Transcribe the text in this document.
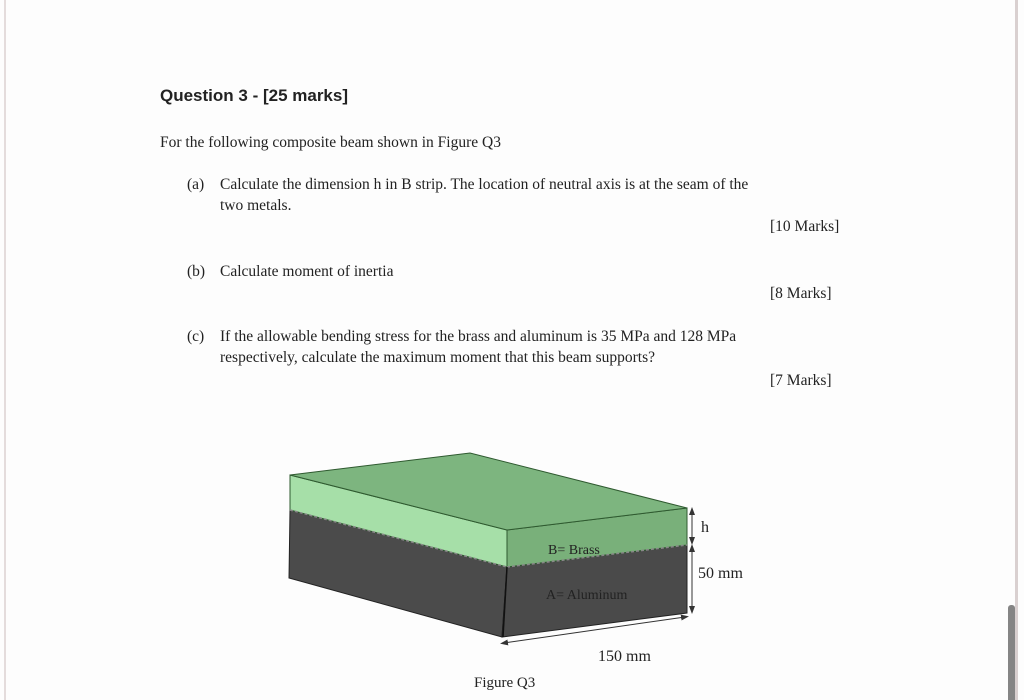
Question 3 - [25 marks]
For the following composite beam shown in Figure Q3
(a) Calculate the dimension h in B strip. The location of neutral axis is at the seam of the
two metals.
[10 Marks]
(b) Calculate moment of inertia
[8 Marks]
(c) If the allowable bending stress for the brass and aluminum is 35 MPa and 128 MPa
respectively, calculate the maximum moment that this beam supports?
[7 Marks]
B= Brass
A= Aluminum
h
50 mm
150 mm
Figure Q3
